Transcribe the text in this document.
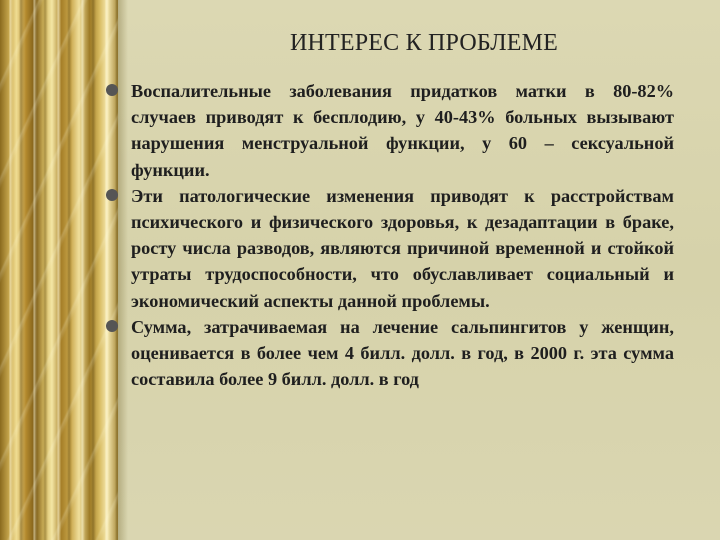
ИНТЕРЕС К ПРОБЛЕМЕ
Воспалительные заболевания придатков матки в 80-82% случаев приводят к бесплодию, у 40-43% больных вызывают нарушения менструальной функции, у 60 – сексуальной функции.
Эти патологические изменения приводят к расстройствам психического и физического здоровья, к дезадаптации в браке, росту числа разводов, являются причиной временной и стойкой утраты трудоспособности, что обуславливает социальный и экономический аспекты данной проблемы.
Сумма, затрачиваемая на лечение сальпингитов у женщин, оценивается в более чем 4 билл. долл. в год, в 2000 г. эта сумма составила более 9 билл. долл. в год
